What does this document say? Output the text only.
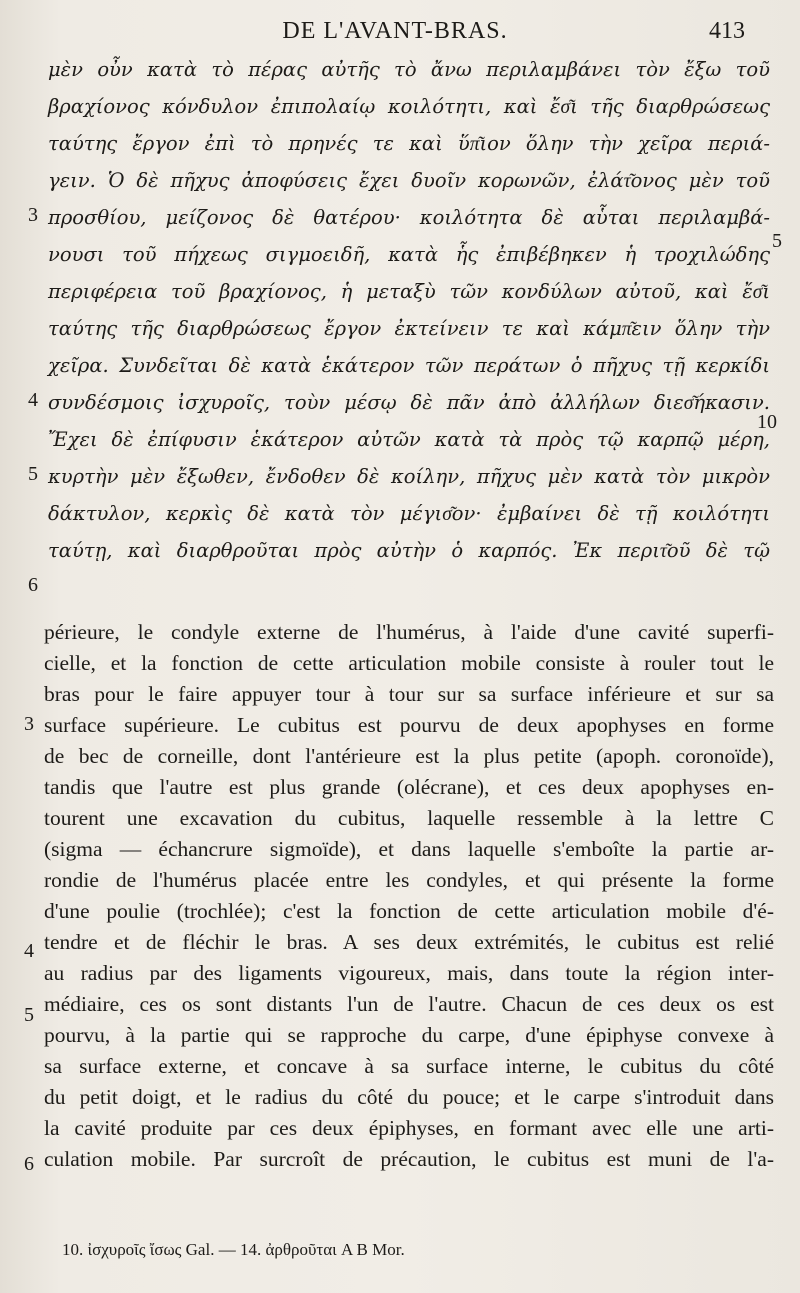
DE L'AVANT-BRAS.	413
μὲν οὖν κατὰ τὸ πέρας αὐτῆς τὸ ἄνω περιλαμβάνει τὸν ἔξω τοῦ
βραχίονος κόνδυλον ἐπιπολαίῳ κοιλότητι, καὶ ἔσ͂ι τῆς διαρθρώσεως
ταύτης ἔργον ἐπὶ τὸ πρηνές τε καὶ ὕπ͂ιον ὅλην τὴν χεῖρα περιά-
γειν. Ὁ δὲ πῆχυς ἀποφύσεις ἔχει δυοῖν κορωνῶν, ἐλάτ͂ονος μὲν τοῦ
προσθίου, μείζονος δὲ θατέρου· κοιλότητα δὲ αὗται περιλαμβά-
νουσι τοῦ πήχεως σιγμοειδῆ, κατὰ ἧς ἐπιβέβηκεν ἡ τροχιλώδης
περιφέρεια τοῦ βραχίονος, ἡ μεταξὺ τῶν κονδύλων αὐτοῦ, καὶ ἔσ͂ι
ταύτης τῆς διαρθρώσεως ἔργον ἐκτείνειν τε καὶ κάμπ͂ειν ὅλην τὴν
χεῖρα. Συνδεῖται δὲ κατὰ ἑκάτερον τῶν περάτων ὁ πῆχυς τῇ κερκίδι
συνδέσμοις ἰσχυροῖς, τοὺν μέσῳ δὲ πᾶν ἀπὸ ἀλλήλων διεσ͂ήκασιν.
Ἔχει δὲ ἐπίφυσιν ἑκάτερον αὐτῶν κατὰ τὰ πρὸς τῷ καρπῷ μέρη,
κυρτὴν μὲν ἔξωθεν, ἔνδοθεν δὲ κοίλην, πῆχυς μὲν κατὰ τὸν μικρὸν
δάκτυλον, κερκὶς δὲ κατὰ τὸν μέγισ͂ον· ἐμβαίνει δὲ τῇ κοιλότητι
ταύτῃ, καὶ διαρθροῦται πρὸς αὐτὴν ὁ καρπός. Ἐκ περιτ͂οῦ δὲ τῷ
3
4
5
6
5
10
périeure, le condyle externe de l'humérus, à l'aide d'une cavité superfi-
cielle, et la fonction de cette articulation mobile consiste à rouler tout le
bras pour le faire appuyer tour à tour sur sa surface inférieure et sur sa
surface supérieure. Le cubitus est pourvu de deux apophyses en forme
de bec de corneille, dont l'antérieure est la plus petite (apoph. coronoïde),
tandis que l'autre est plus grande (olécrane), et ces deux apophyses en-
tourent une excavation du cubitus, laquelle ressemble à la lettre C
(sigma — échancrure sigmoïde), et dans laquelle s'emboîte la partie ar-
rondie de l'humérus placée entre les condyles, et qui présente la forme
d'une poulie (trochlée); c'est la fonction de cette articulation mobile d'é-
tendre et de fléchir le bras. A ses deux extrémités, le cubitus est relié
au radius par des ligaments vigoureux, mais, dans toute la région inter-
médiaire, ces os sont distants l'un de l'autre. Chacun de ces deux os est
pourvu, à la partie qui se rapproche du carpe, d'une épiphyse convexe à
sa surface externe, et concave à sa surface interne, le cubitus du côté
du petit doigt, et le radius du côté du pouce; et le carpe s'introduit dans
la cavité produite par ces deux épiphyses, en formant avec elle une arti-
culation mobile. Par surcroît de précaution, le cubitus est muni de l'a-
3
4
5
6
10. ἰσχυροῖς ἴσως Gal. — 14. ἀρθροῦται A B Mor.
